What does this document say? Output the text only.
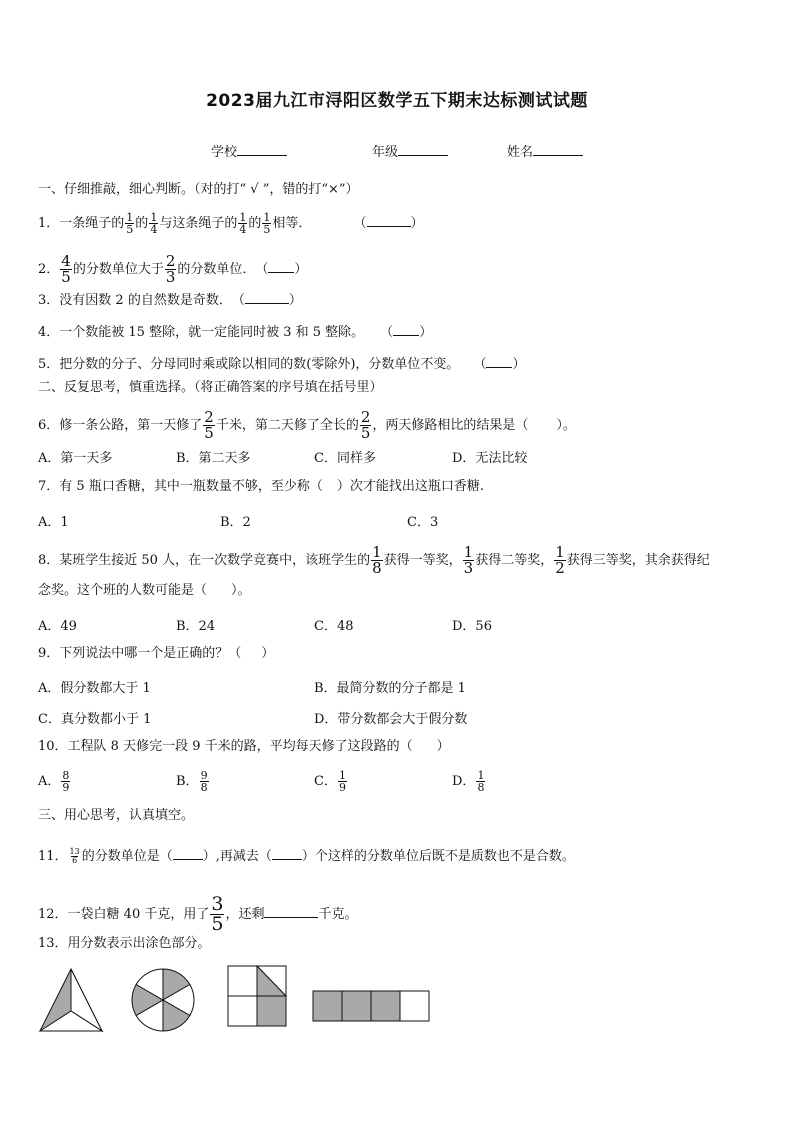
2023届九江市浔阳区数学五下期末达标测试试题
学校	年级	姓名
一、仔细推敲，细心判断。（对的打“ √ ”，错的打“×”）
1．一条绳子的 $\frac{1}{5}$ 的 $\frac{1}{4}$ 与这条绳子的 $\frac{1}{4}$ 的 $\frac{1}{5}$ 相等．	（	）
2． $\frac{4}{5}$ 的分数单位大于 $\frac{2}{3}$ 的分数单位．（ ）
3．没有因数 2 的自然数是奇数．（	）
4．一个数能被 15 整除，就一定能同时被 3 和 5 整除。 （ ）
5．把分数的分子、分母同时乘或除以相同的数(零除外)，分数单位不变。 （ ）
二、反复思考，慎重选择。（将正确答案的序号填在括号里）
6．修一条公路，第一天修了 $\frac{2}{5}$ 千米，第二天修了全长的 $\frac{2}{5}$ ，两天修路相比的结果是（ ）。
A．第一天多	B．第二天多	C．同样多	D．无法比较
7．有 5 瓶口香糖，其中一瓶数量不够，至少称（ ）次才能找出这瓶口香糖.
A．1	B．2	C．3
8．某班学生接近 50 人，在一次数学竞赛中，该班学生的 $\frac{1}{8}$ 获得一等奖， $\frac{1}{3}$ 获得二等奖， $\frac{1}{2}$ 获得三等奖，其余获得纪
念奖。这个班的人数可能是（ ）。
A．49	B．24	C．48	D．56
9．下列说法中哪一个是正确的？（ ）
A．假分数都大于 1	B．最简分数的分子都是 1
C．真分数都小于 1	D．带分数都会大于假分数
10．工程队 8 天修完一段 9 千米的路，平均每天修了这段路的（ ）
A． $\frac{8}{9}$	B． $\frac{9}{8}$	C． $\frac{1}{9}$	D． $\frac{1}{8}$
三、用心思考，认真填空。
11． $\frac{13}{6}$ 的分数单位是（ ）,再减去（ ）个这样的分数单位后既不是质数也不是合数。
12．一袋白糖 40 千克，用了 $\frac{3}{5}$ ，还剩	千克。
13．用分数表示出涂色部分。
